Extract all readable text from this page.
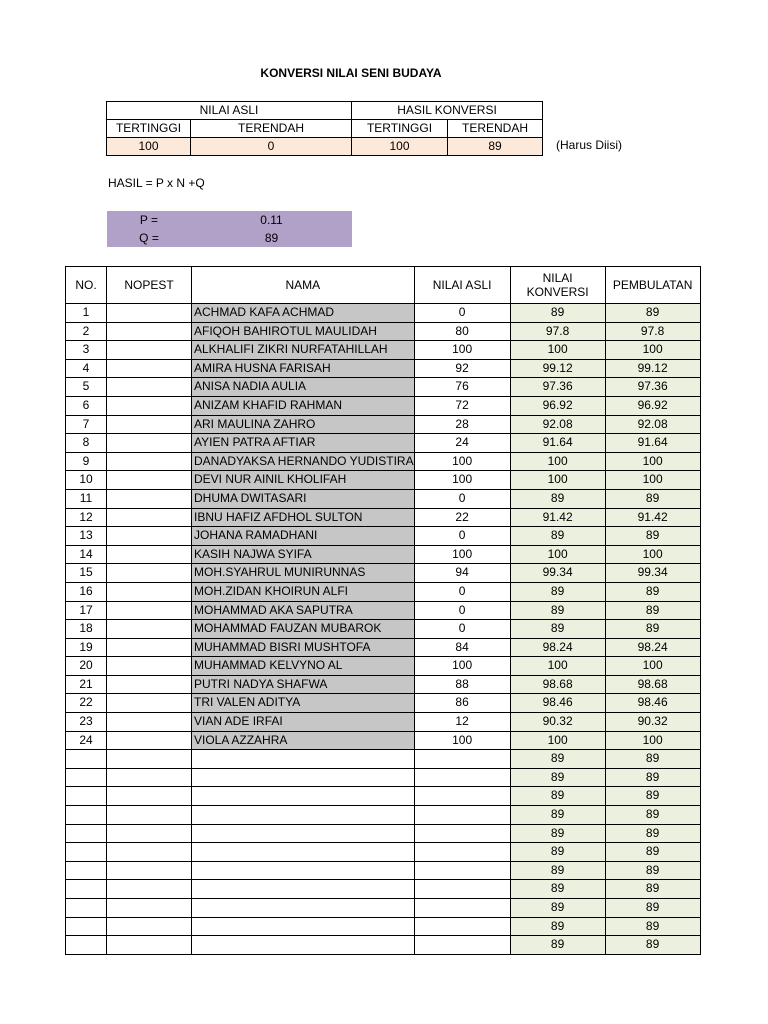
KONVERSI NILAI SENI BUDAYA
NILAI ASLI		HASIL KONVERSI	
TERTINGGI	TERENDAH	TERTINGGI	TERENDAH
100	0	100	89	(Harus Diisi)
HASIL = P x N +Q
P =	0.11
Q =	89
NO.	NOPEST	NAMA	NILAI ASLI	NILAI KONVERSI	PEMBULATAN
1		ACHMAD KAFA ACHMAD	0	89	89
2		AFIQOH BAHIROTUL MAULIDAH	80	97.8	97.8
3		ALKHALIFI ZIKRI NURFATAHILLAH	100	100	100
4		AMIRA HUSNA FARISAH	92	99.12	99.12
5		ANISA NADIA AULIA	76	97.36	97.36
6		ANIZAM KHAFID RAHMAN	72	96.92	96.92
7		ARI MAULINA ZAHRO	28	92.08	92.08
8		AYIEN PATRA AFTIAR	24	91.64	91.64
9		DANADYAKSA HERNANDO YUDISTIRA	100	100	100
10		DEVI NUR AINIL KHOLIFAH	100	100	100
11		DHUMA DWITASARI	0	89	89
12		IBNU HAFIZ AFDHOL SULTON	22	91.42	91.42
13		JOHANA RAMADHANI	0	89	89
14		KASIH NAJWA SYIFA	100	100	100
15		MOH.SYAHRUL MUNIRUNNAS	94	99.34	99.34
16		MOH.ZIDAN KHOIRUN ALFI	0	89	89
17		MOHAMMAD AKA SAPUTRA	0	89	89
18		MOHAMMAD FAUZAN MUBAROK	0	89	89
19		MUHAMMAD BISRI MUSHTOFA	84	98.24	98.24
20		MUHAMMAD KELVYNO AL	100	100	100
21		PUTRI NADYA SHAFWA	88	98.68	98.68
22		TRI VALEN ADITYA	86	98.46	98.46
23		VIAN ADE IRFAI	12	90.32	90.32
24		VIOLA AZZAHRA	100	100	100
				89	89
				89	89
				89	89
				89	89
				89	89
				89	89
				89	89
				89	89
				89	89
				89	89
				89	89
